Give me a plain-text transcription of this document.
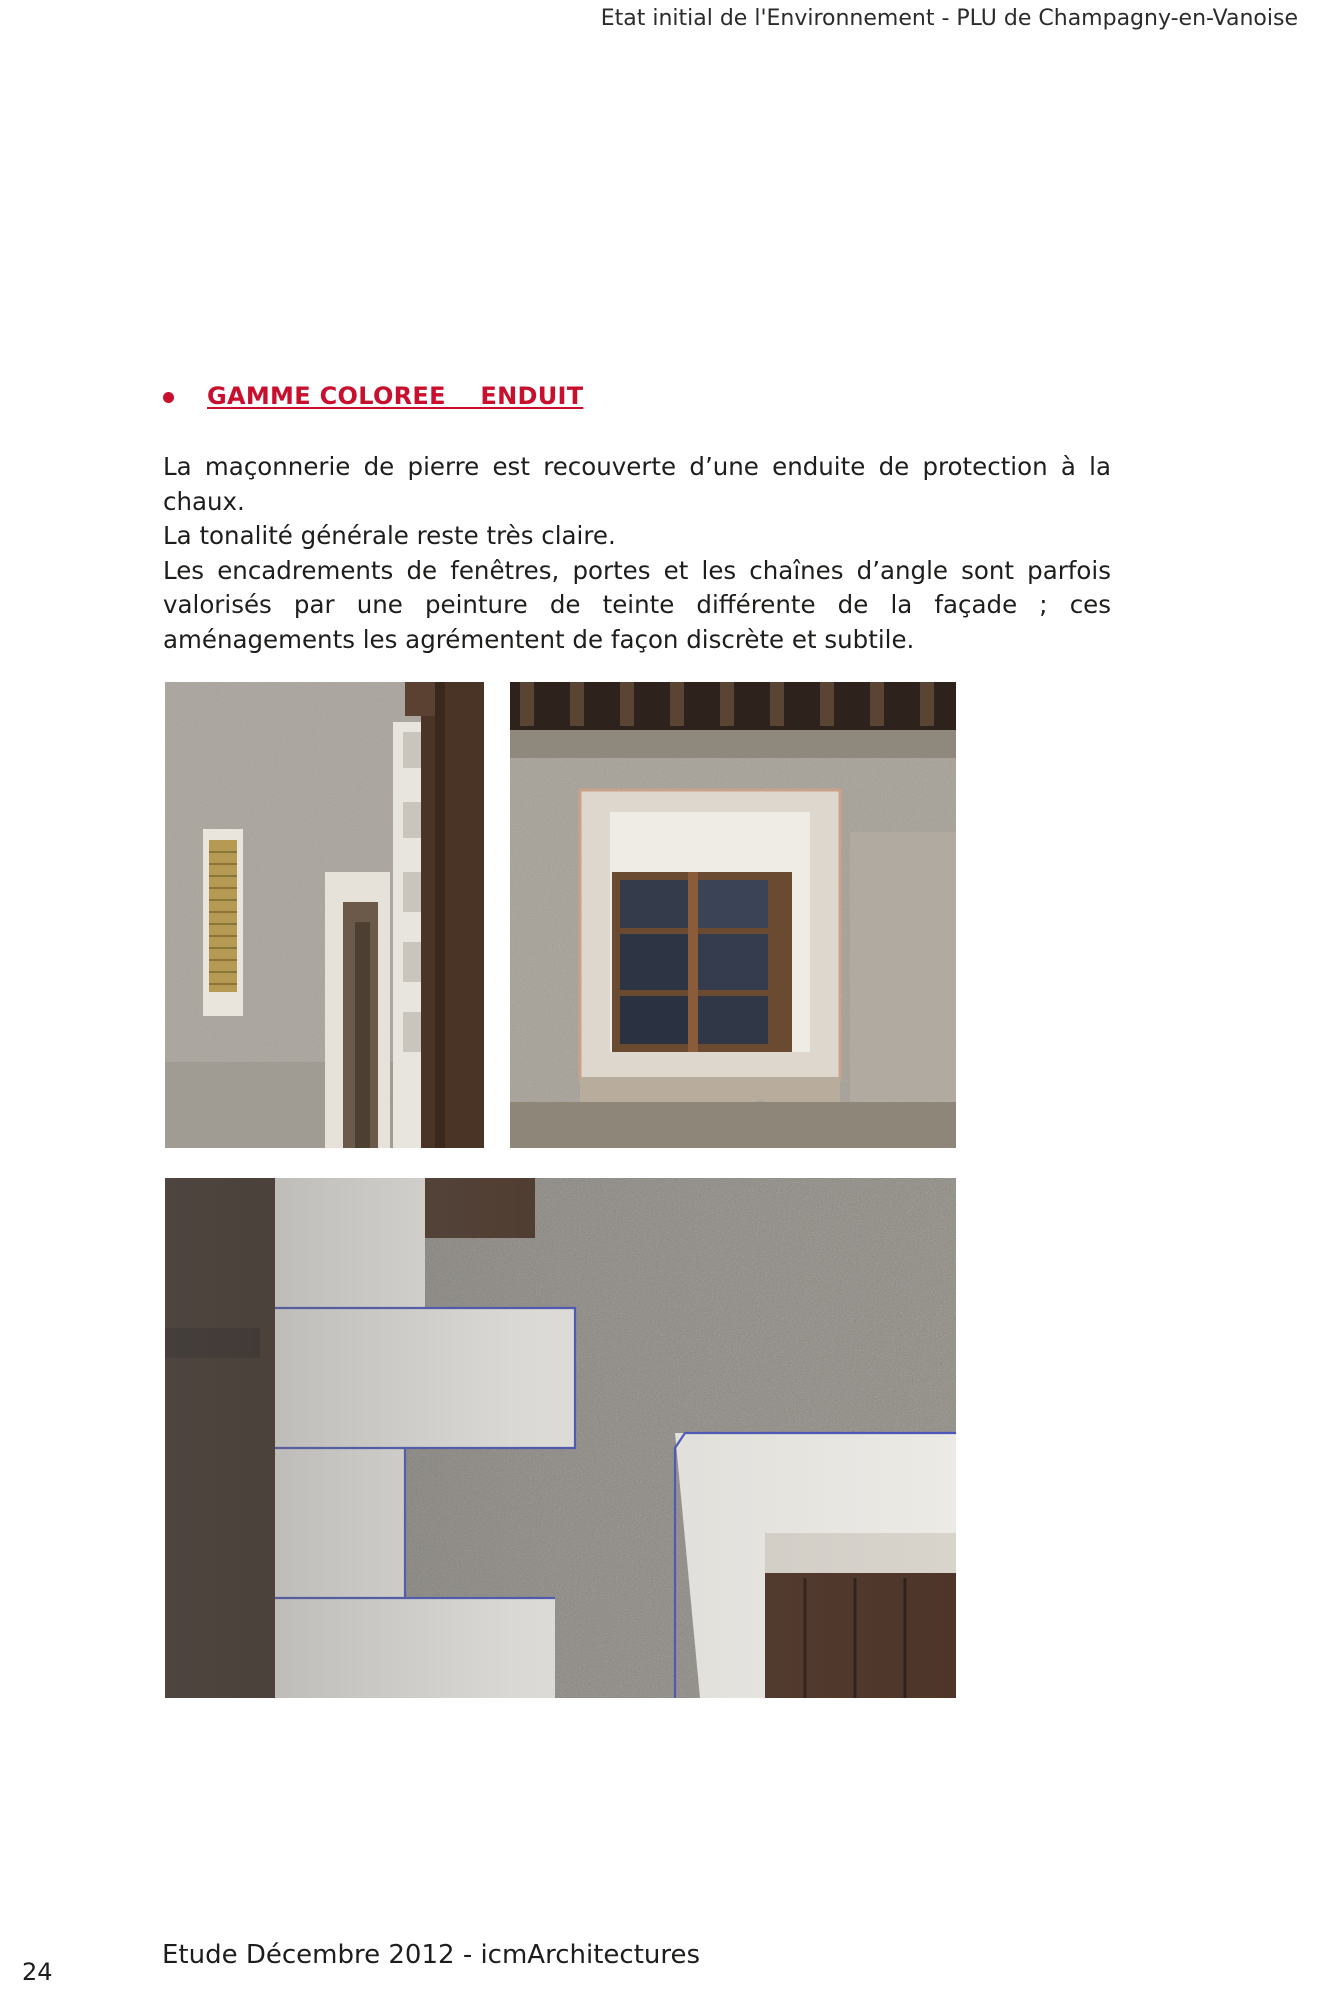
Etat initial de l'Environnement - PLU de Champagny-en-Vanoise
GAMME COLOREE    ENDUIT

La maçonnerie de pierre est recouverte d’une enduite de protection à la chaux.

La tonalité générale reste très claire.

Les encadrements de fenêtres, portes et les chaînes d’angle sont parfois valorisés par une peinture de teinte différente de la façade ; ces aménagements les agrémentent de façon discrète et subtile.

Etude Décembre 2012 - icmArchitectures
24
